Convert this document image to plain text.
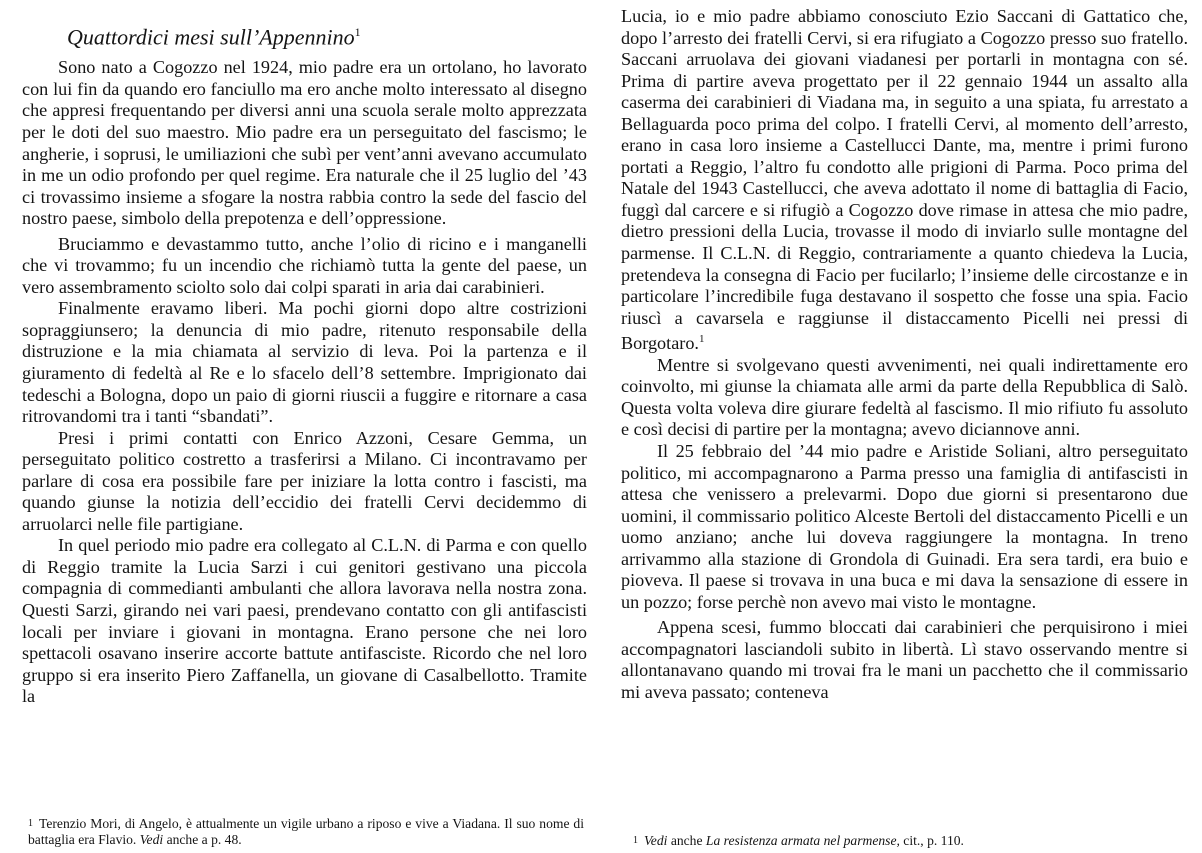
Quattordici mesi sull’Appennino$^1$

Sono nato a Cogozzo nel 1924, mio padre era un ortolano, ho lavorato con lui fin da quando ero fanciullo ma ero anche molto interessato al disegno che appresi frequentando per diversi anni una scuola serale molto apprezzata per le doti del suo maestro. Mio padre era un perseguitato del fascismo; le angherie, i soprusi, le umiliazioni che subì per vent’anni avevano accumulato in me un odio profondo per quel regime. Era naturale che il 25 luglio del ’43 ci trovassimo insieme a sfogare la nostra rabbia contro la sede del fascio del nostro paese, simbolo della prepotenza e dell’oppressione.

Bruciammo e devastammo tutto, anche l’olio di ricino e i manganelli che vi trovammo; fu un incendio che richiamò tutta la gente del paese, un vero assembramento sciolto solo dai colpi sparati in aria dai carabinieri.

Finalmente eravamo liberi. Ma pochi giorni dopo altre costrizioni sopraggiunsero; la denuncia di mio padre, ritenuto responsabile della distruzione e la mia chiamata al servizio di leva. Poi la partenza e il giuramento di fedeltà al Re e lo sfacelo dell’8 settembre. Imprigionato dai tedeschi a Bologna, dopo un paio di giorni riuscii a fuggire e ritornare a casa ritrovandomi tra i tanti “sbandati”.

Presi i primi contatti con Enrico Azzoni, Cesare Gemma, un perseguitato politico costretto a trasferirsi a Milano. Ci incontravamo per parlare di cosa era possibile fare per iniziare la lotta contro i fascisti, ma quando giunse la notizia dell’eccidio dei fratelli Cervi decidemmo di arruolarci nelle file partigiane.

In quel periodo mio padre era collegato al C.L.N. di Parma e con quello di Reggio tramite la Lucia Sarzi i cui genitori gestivano una piccola compagnia di commedianti ambulanti che allora lavorava nella nostra zona. Questi Sarzi, girando nei vari paesi, prendevano contatto con gli antifascisti locali per inviare i giovani in montagna. Erano persone che nei loro spettacoli osavano inserire accorte battute antifasciste. Ricordo che nel loro gruppo si era inserito Piero Zaffanella, un giovane di Casalbellotto. Tramite la

$^1$ Terenzio Mori, di Angelo, è attualmente un vigile urbano a riposo e vive a Viadana. Il suo nome di battaglia era Flavio. Vedi anche a p. 48.

Lucia, io e mio padre abbiamo conosciuto Ezio Saccani di Gattatico che, dopo l’arresto dei fratelli Cervi, si era rifugiato a Cogozzo presso suo fratello. Saccani arruolava dei giovani viadanesi per portarli in montagna con sé. Prima di partire aveva progettato per il 22 gennaio 1944 un assalto alla caserma dei carabinieri di Viadana ma, in seguito a una spiata, fu arrestato a Bellaguarda poco prima del colpo. I fratelli Cervi, al momento dell’arresto, erano in casa loro insieme a Castellucci Dante, ma, mentre i primi furono portati a Reggio, l’altro fu condotto alle prigioni di Parma. Poco prima del Natale del 1943 Castellucci, che aveva adottato il nome di battaglia di Facio, fuggì dal carcere e si rifugiò a Cogozzo dove rimase in attesa che mio padre, dietro pressioni della Lucia, trovasse il modo di inviarlo sulle montagne del parmense. Il C.L.N. di Reggio, contrariamente a quanto chiedeva la Lucia, pretendeva la consegna di Facio per fucilarlo; l’insieme delle circostanze e in particolare l’incredibile fuga destavano il sospetto che fosse una spia. Facio riuscì a cavarsela e raggiunse il distaccamento Picelli nei pressi di Borgotaro.$^1$

Mentre si svolgevano questi avvenimenti, nei quali indirettamente ero coinvolto, mi giunse la chiamata alle armi da parte della Repubblica di Salò. Questa volta voleva dire giurare fedeltà al fascismo. Il mio rifiuto fu assoluto e così decisi di partire per la montagna; avevo diciannove anni.

Il 25 febbraio del ’44 mio padre e Aristide Soliani, altro perseguitato politico, mi accompagnarono a Parma presso una famiglia di antifascisti in attesa che venissero a prelevarmi. Dopo due giorni si presentarono due uomini, il commissario politico Alceste Bertoli del distaccamento Picelli e un uomo anziano; anche lui doveva raggiungere la montagna. In treno arrivammo alla stazione di Grondola di Guinadi. Era sera tardi, era buio e pioveva. Il paese si trovava in una buca e mi dava la sensazione di essere in un pozzo; forse perchè non avevo mai visto le montagne.

Appena scesi, fummo bloccati dai carabinieri che perquisirono i miei accompagnatori lasciandoli subito in libertà. Lì stavo osservando mentre si allontanavano quando mi trovai fra le mani un pacchetto che il commissario mi aveva passato; conteneva

$^1$ Vedi anche La resistenza armata nel parmense, cit., p. 110.
